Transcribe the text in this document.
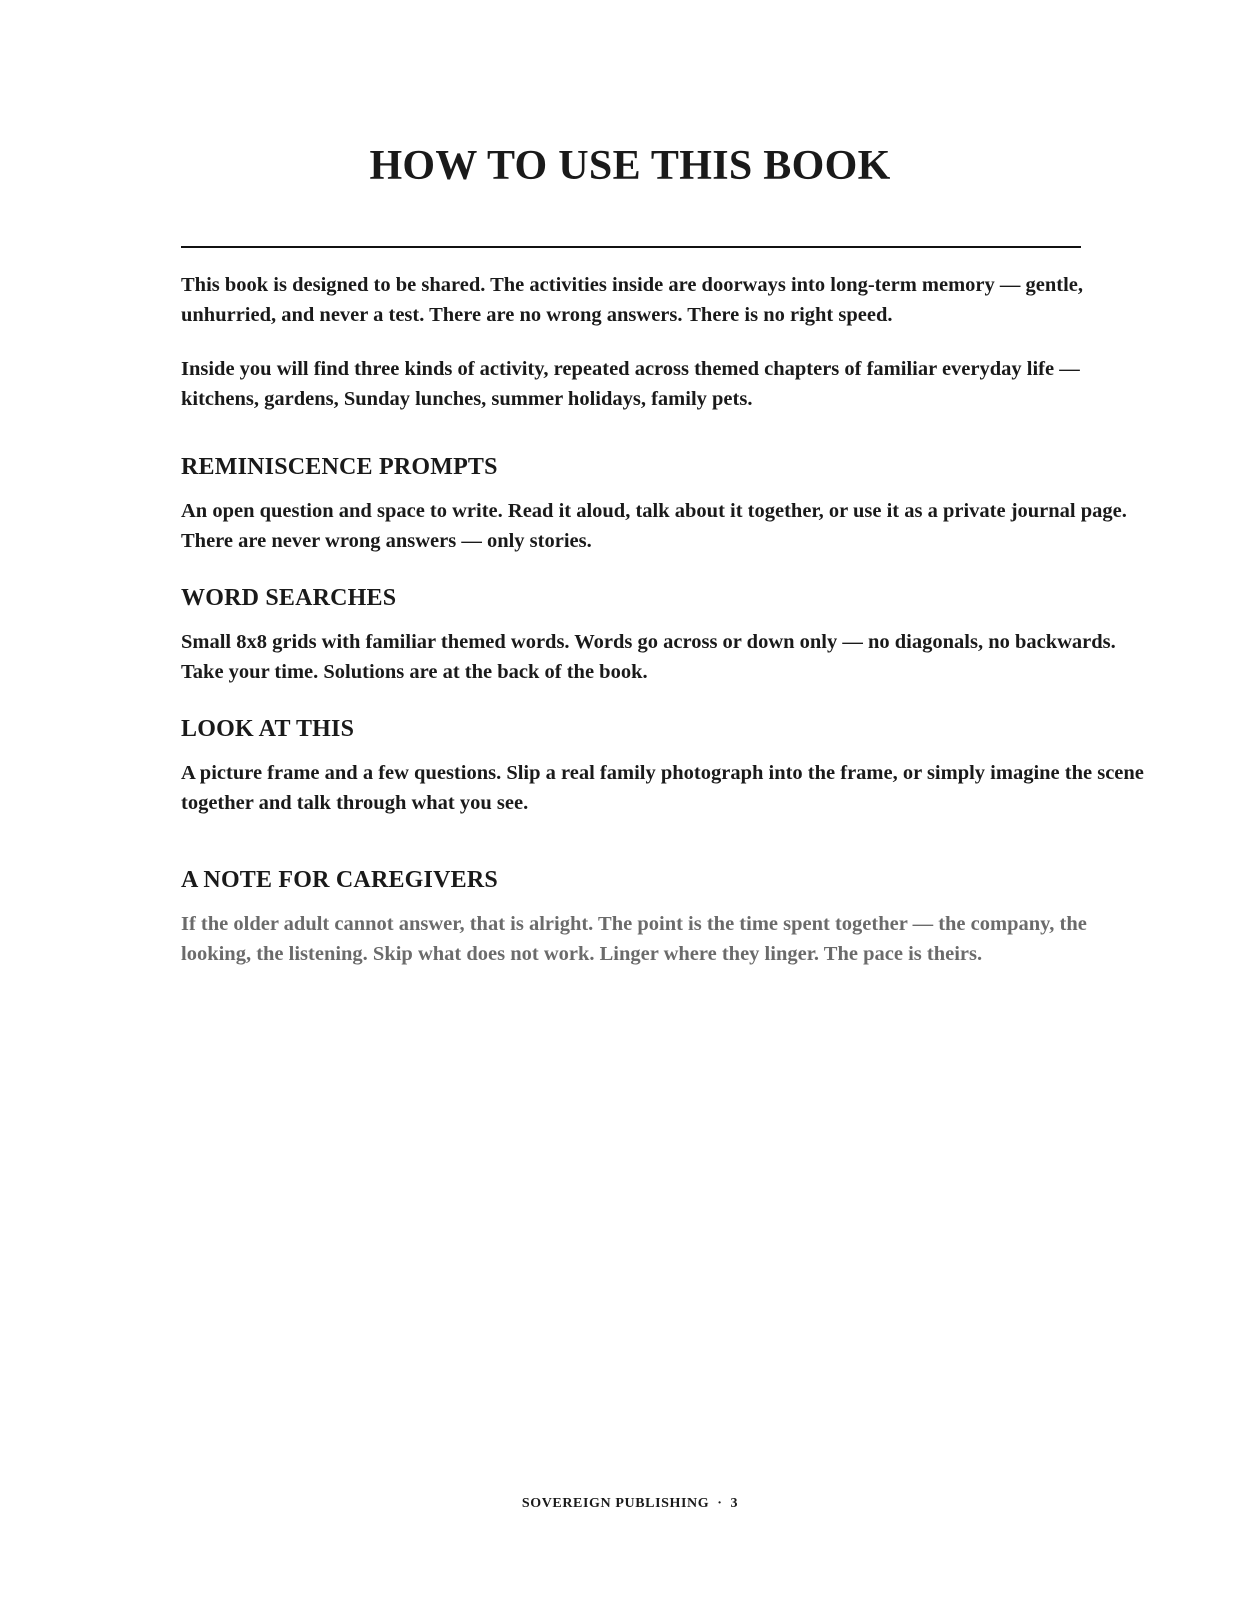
HOW TO USE THIS BOOK

This book is designed to be shared. The activities inside are doorways into long-term memory — gentle, unhurried, and never a test. There are no wrong answers. There is no right speed.

Inside you will find three kinds of activity, repeated across themed chapters of familiar everyday life — kitchens, gardens, Sunday lunches, summer holidays, family pets.

REMINISCENCE PROMPTS

An open question and space to write. Read it aloud, talk about it together, or use it as a private journal page. There are never wrong answers — only stories.

WORD SEARCHES

Small 8x8 grids with familiar themed words. Words go across or down only — no diagonals, no backwards. Take your time. Solutions are at the back of the book.

LOOK AT THIS

A picture frame and a few questions. Slip a real family photograph into the frame, or simply imagine the scene together and talk through what you see.

A NOTE FOR CAREGIVERS

If the older adult cannot answer, that is alright. The point is the time spent together — the company, the looking, the listening. Skip what does not work. Linger where they linger. The pace is theirs.

SOVEREIGN PUBLISHING · 3
